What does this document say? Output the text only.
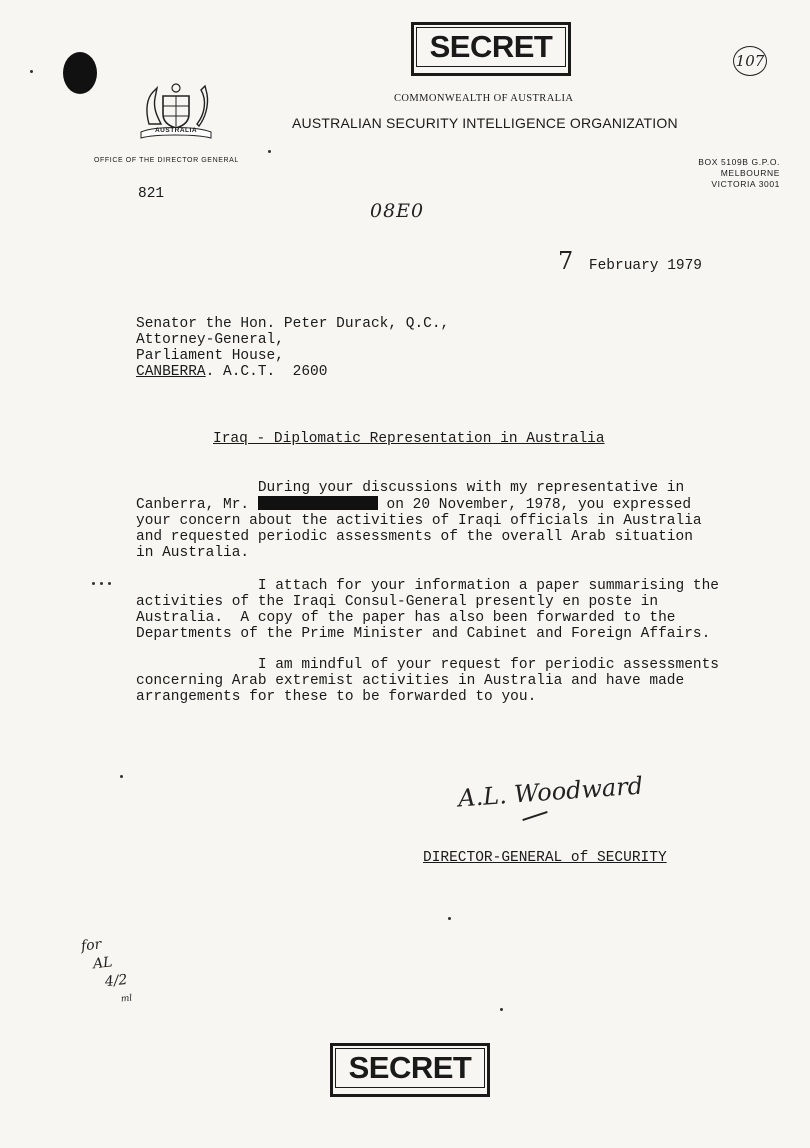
SECRET	107
AUSTRALIA
COMMONWEALTH OF AUSTRALIA
AUSTRALIAN SECURITY INTELLIGENCE ORGANIZATION
OFFICE OF THE DIRECTOR GENERAL	BOX 5109B G.P.O.
MELBOURNE
VICTORIA 3001
821
08E0
7 February 1979
Senator the Hon. Peter Durack, Q.C.,
Attorney-General,
Parliament House,
CANBERRA. A.C.T.  2600
Iraq - Diplomatic Representation in Australia
During your discussions with my representative in
Canberra, Mr.	on 20 November, 1978, you expressed
your concern about the activities of Iraqi officials in Australia
and requested periodic assessments of the overall Arab situation
in Australia.
I attach for your information a paper summarising the
activities of the Iraqi Consul-General presently en poste in
Australia.  A copy of the paper has also been forwarded to the
Departments of the Prime Minister and Cabinet and Foreign Affairs.
I am mindful of your request for periodic assessments
concerning Arab extremist activities in Australia and have made
arrangements for these to be forwarded to you.
A.L. Woodward
DIRECTOR-GENERAL of SECURITY
for
AL
4/2
ml
SECRET
